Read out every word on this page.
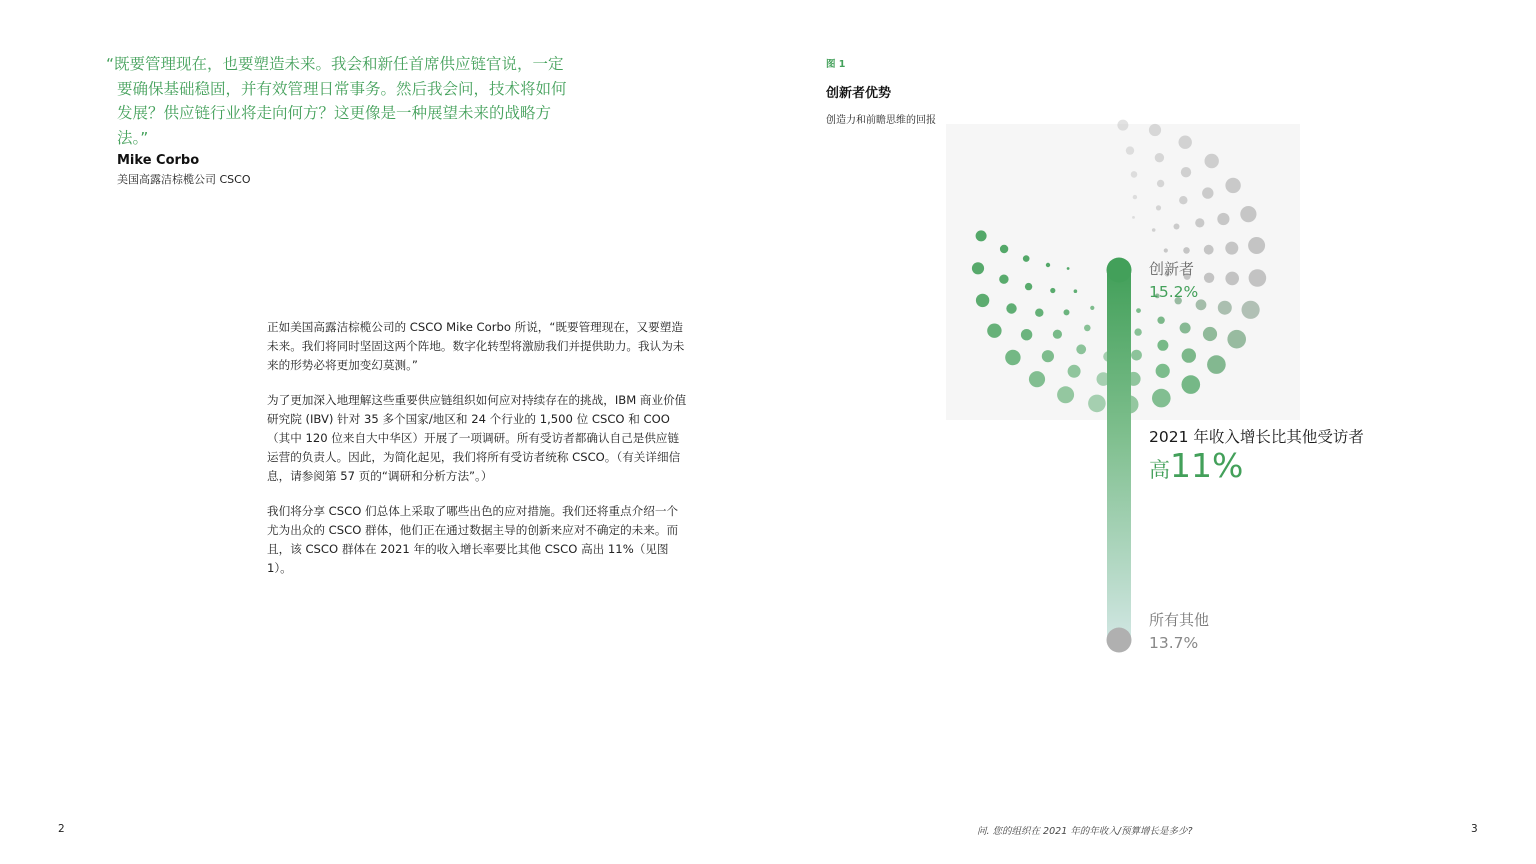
“既要管理现在，也要塑造未来。我会和新任首席供应链官说，一定要确保基础稳固，并有效管理日常事务。然后我会问，技术将如何发展？供应链行业将走向何方？这更像是一种展望未来的战略方法。”
Mike Corbo
美国高露洁棕榄公司 CSCO

正如美国高露洁棕榄公司的 CSCO Mike Corbo 所说，“既要管理现在，又要塑造未来。我们将同时坚固这两个阵地。数字化转型将激励我们并提供助力。我认为未来的形势必将更加变幻莫测。”

为了更加深入地理解这些重要供应链组织如何应对持续存在的挑战，IBM 商业价值研究院 (IBV) 针对 35 多个国家/地区和 24 个行业的 1,500 位 CSCO 和 COO（其中 120 位来自大中华区）开展了一项调研。所有受访者都确认自己是供应链运营的负责人。因此，为简化起见，我们将所有受访者统称 CSCO。（有关详细信息，请参阅第 57 页的“调研和分析方法”。）

我们将分享 CSCO 们总体上采取了哪些出色的应对措施。我们还将重点介绍一个尤为出众的 CSCO 群体，他们正在通过数据主导的创新来应对不确定的未来。而且，该 CSCO 群体在 2021 年的收入增长率要比其他 CSCO 高出 11%（见图 1）。

图 1
创新者优势
创造力和前瞻思维的回报
创新者
15.2%
2021 年收入增长比其他受访者
高11%
所有其他
13.7%
2	问. 您的组织在 2021 年的年收入/预算增长是多少?	3
